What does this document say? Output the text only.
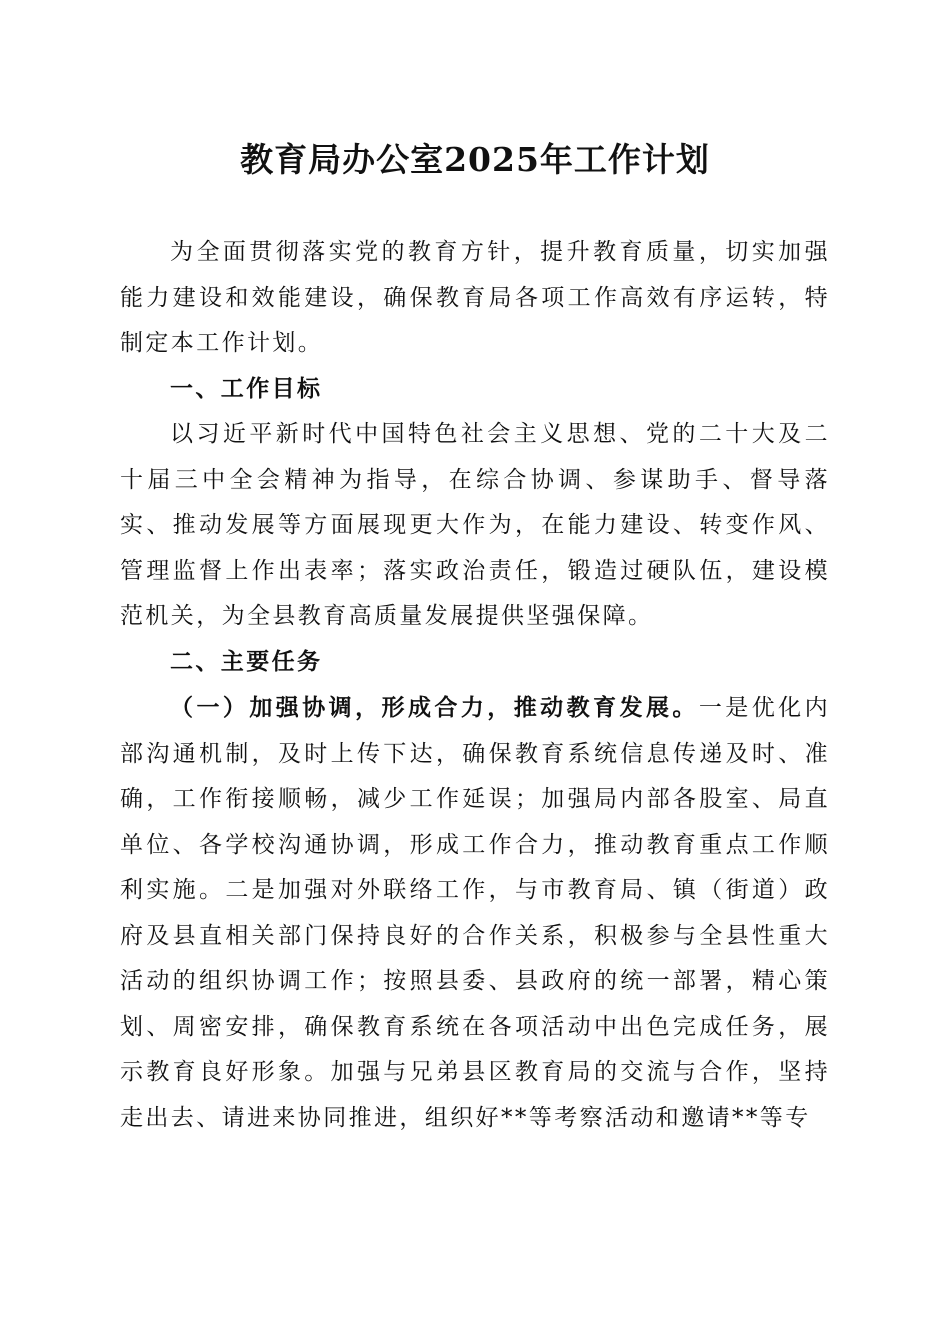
教育局办公室2025年工作计划

为全面贯彻落实党的教育方针，提升教育质量，切实加强能力建设和效能建设，确保教育局各项工作高效有序运转，特制定本工作计划。

一、工作目标

以习近平新时代中国特色社会主义思想、党的二十大及二十届三中全会精神为指导，在综合协调、参谋助手、督导落实、推动发展等方面展现更大作为，在能力建设、转变作风、管理监督上作出表率；落实政治责任，锻造过硬队伍，建设模范机关，为全县教育高质量发展提供坚强保障。

二、主要任务

（一）加强协调，形成合力，推动教育发展。一是优化内部沟通机制，及时上传下达，确保教育系统信息传递及时、准确，工作衔接顺畅，减少工作延误；加强局内部各股室、局直单位、各学校沟通协调，形成工作合力，推动教育重点工作顺利实施。二是加强对外联络工作，与市教育局、镇（街道）政府及县直相关部门保持良好的合作关系，积极参与全县性重大活动的组织协调工作；按照县委、县政府的统一部署，精心策划、周密安排，确保教育系统在各项活动中出色完成任务，展示教育良好形象。加强与兄弟县区教育局的交流与合作，坚持走出去、请进来协同推进，组织好**等考察活动和邀请**等专
